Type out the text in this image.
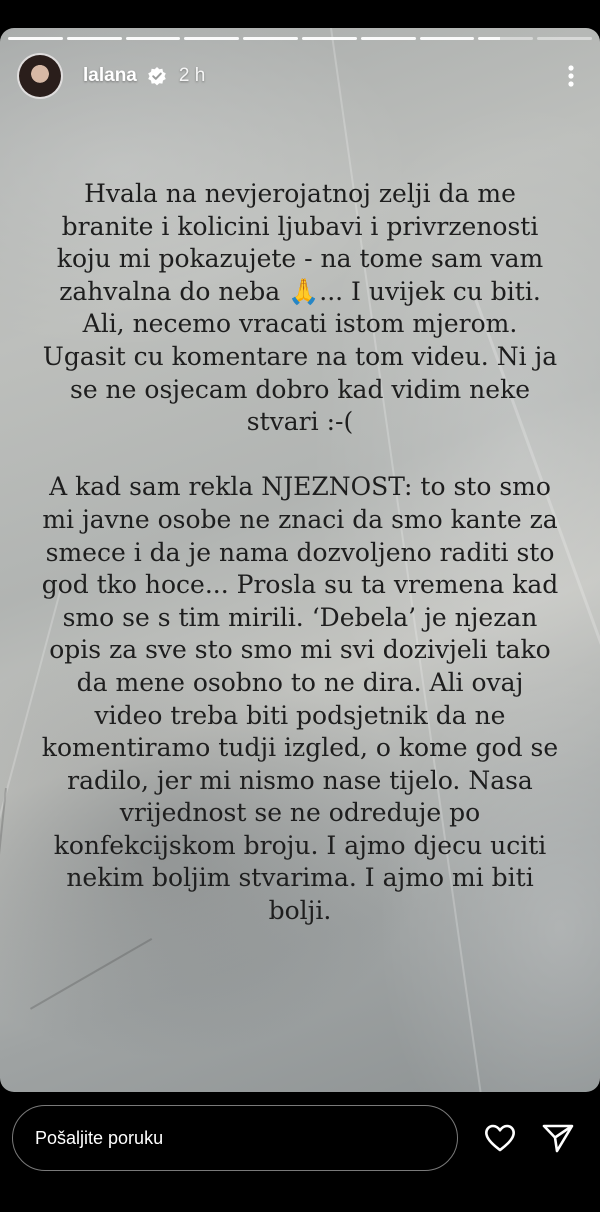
lalana 2 h
Hvala na nevjerojatnoj zelji da me branite i kolicini ljubavi i privrzenosti koju mi pokazujete - na tome sam vam zahvalna do neba 🙏... I uvijek cu biti. Ali, necemo vracati istom mjerom. Ugasit cu komentare na tom videu. Ni ja se ne osjecam dobro kad vidim neke stvari :-(

A kad sam rekla NJEZNOST: to sto smo mi javne osobe ne znaci da smo kante za smece i da je nama dozvoljeno raditi sto god tko hoce... Prosla su ta vremena kad smo se s tim mirili. ‘Debela’ je njezan opis za sve sto smo mi svi dozivjeli tako da mene osobno to ne dira. Ali ovaj video treba biti podsjetnik da ne komentiramo tudji izgled, o kome god se radilo, jer mi nismo nase tijelo. Nasa vrijednost se ne odreduje po konfekcijskom broju. I ajmo djecu uciti nekim boljim stvarima. I ajmo mi biti bolji.
Pošaljite poruku
